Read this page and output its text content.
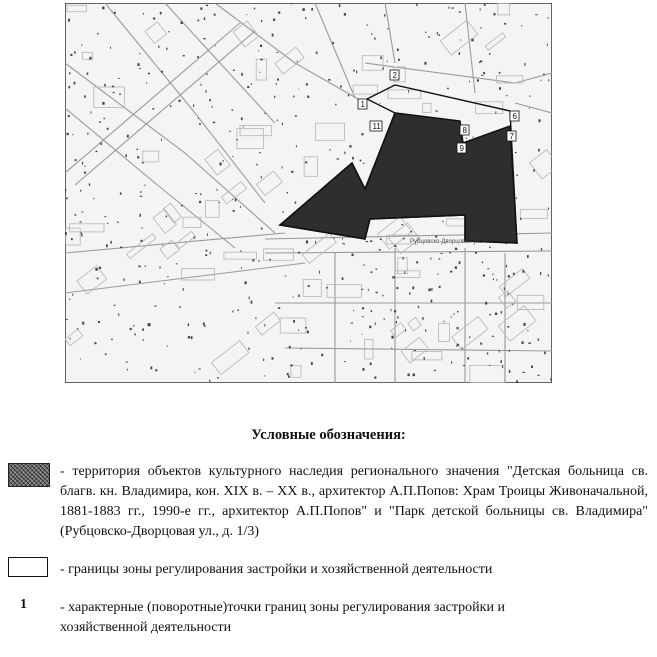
1
2
6
7
8
9
11
Рубцовско-Дворцовая ул.
Условные обозначения:
- территория объектов культурного наследия регионального значения "Детская больница св. благв. кн. Владимира, кон. XIX в. – XX в., архитектор А.П.Попов: Храм Троицы Живоначальной, 1881-1883 гг., 1990-е гг., архитектор А.П.Попов" и "Парк детской больницы св. Владимира" (Рубцовско-Дворцовая ул., д. 1/3)
- границы зоны регулирования застройки и хозяйственной деятельности
1 - характерные (поворотные)точки границ зоны регулирования застройки и хозяйственной деятельности
